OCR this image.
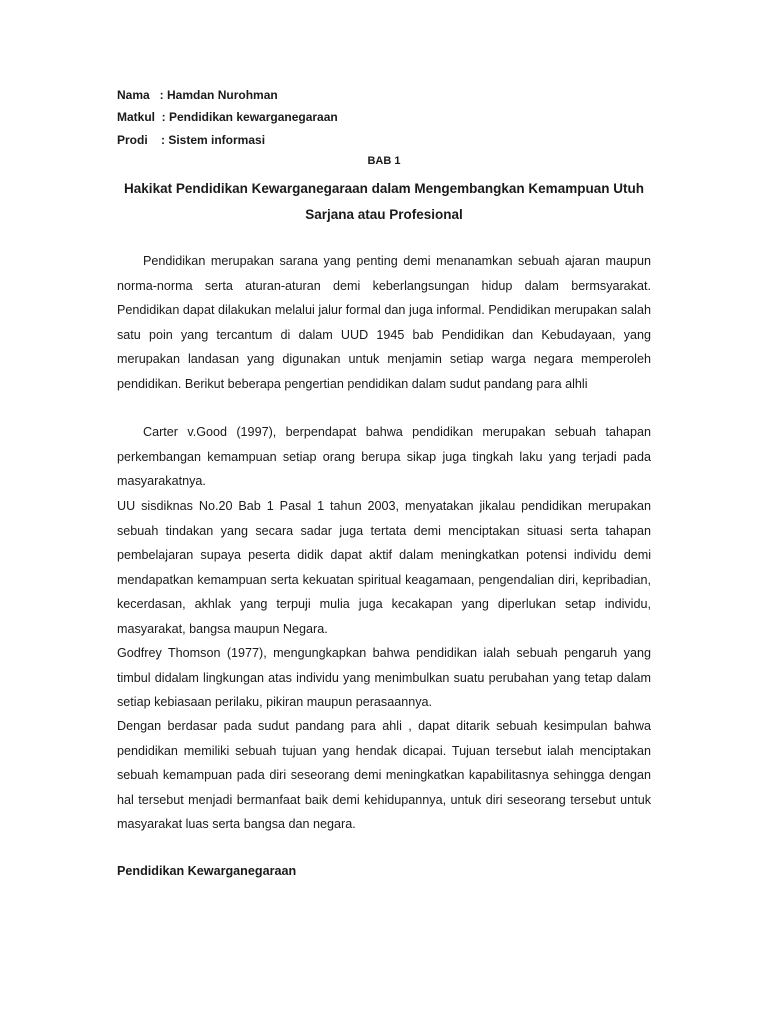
Nama   : Hamdan Nurohman
Matkul  : Pendidikan kewarganegaraan
Prodi    : Sistem informasi
BAB 1
Hakikat Pendidikan Kewarganegaraan dalam Mengembangkan Kemampuan Utuh Sarjana atau Profesional
Pendidikan merupakan sarana yang penting demi menanamkan sebuah ajaran maupun norma-norma serta aturan-aturan demi keberlangsungan hidup dalam bermsyarakat. Pendidikan dapat dilakukan melalui jalur formal dan juga informal. Pendidikan merupakan salah satu poin yang tercantum di dalam UUD 1945 bab Pendidikan dan Kebudayaan, yang merupakan landasan yang digunakan untuk menjamin setiap warga negara memperoleh pendidikan. Berikut beberapa pengertian pendidikan dalam sudut pandang para alhli
Carter v.Good (1997), berpendapat bahwa pendidikan merupakan sebuah tahapan perkembangan kemampuan setiap orang berupa sikap juga tingkah laku yang terjadi pada masyarakatnya.
UU sisdiknas No.20 Bab 1 Pasal 1 tahun 2003, menyatakan jikalau pendidikan merupakan sebuah tindakan yang secara sadar juga tertata demi menciptakan situasi serta tahapan pembelajaran supaya peserta didik dapat aktif dalam meningkatkan potensi individu demi mendapatkan kemampuan serta kekuatan spiritual keagamaan, pengendalian diri, kepribadian, kecerdasan, akhlak yang terpuji mulia juga kecakapan yang diperlukan setap individu, masyarakat, bangsa maupun Negara.
Godfrey Thomson (1977), mengungkapkan bahwa pendidikan ialah sebuah pengaruh yang timbul didalam lingkungan atas individu yang menimbulkan suatu perubahan yang tetap dalam setiap kebiasaan perilaku, pikiran maupun perasaannya.
Dengan berdasar pada sudut pandang para ahli , dapat ditarik sebuah kesimpulan bahwa pendidikan memiliki sebuah tujuan yang hendak dicapai. Tujuan tersebut ialah menciptakan sebuah kemampuan pada diri seseorang demi meningkatkan kapabilitasnya sehingga dengan hal tersebut menjadi bermanfaat baik demi kehidupannya, untuk diri seseorang tersebut untuk masyarakat luas serta bangsa dan negara.
Pendidikan Kewarganegaraan
